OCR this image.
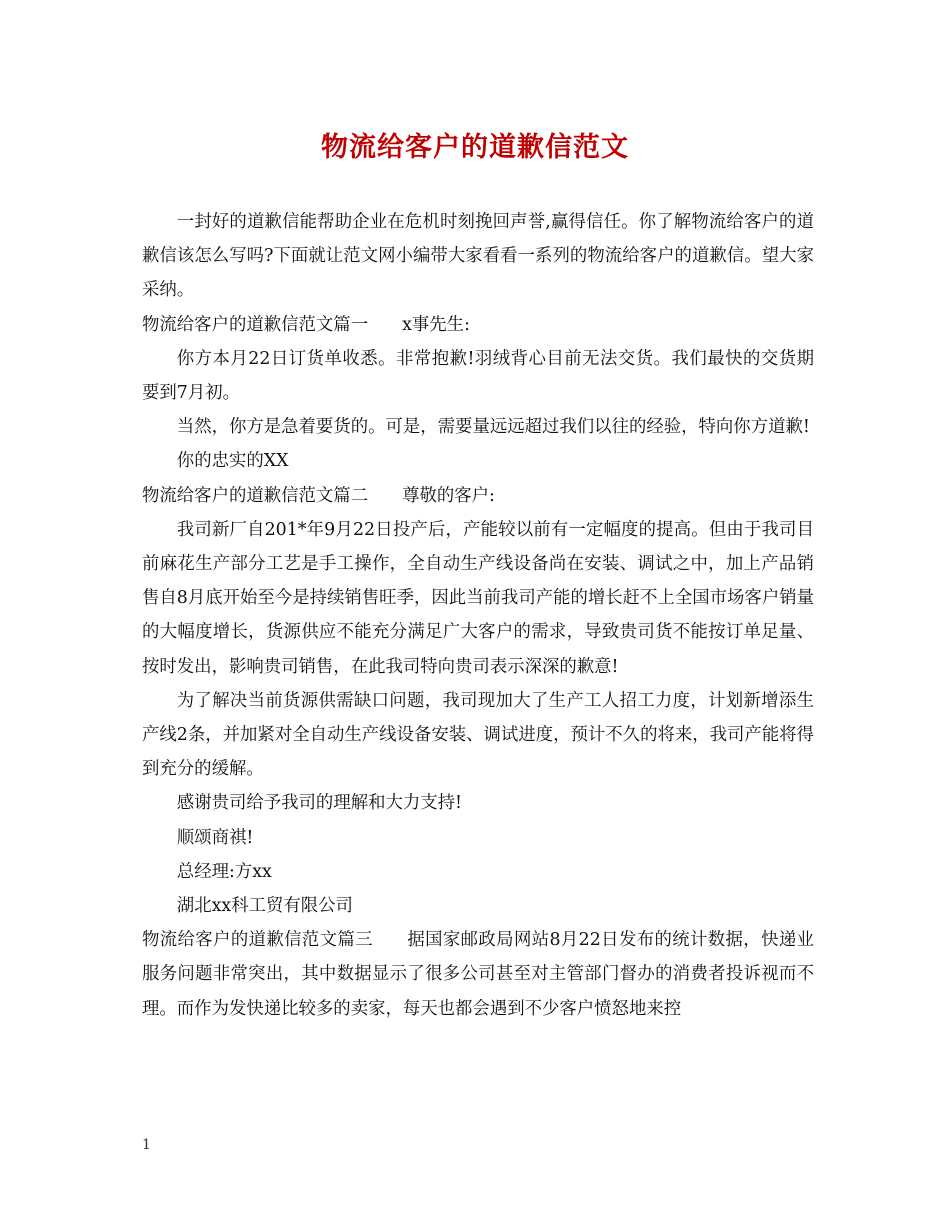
物流给客户的道歉信范文

一封好的道歉信能帮助企业在危机时刻挽回声誉,赢得信任。你了解物流给客户的道歉信该怎么写吗?下面就让范文网小编带大家看看一系列的物流给客户的道歉信。望大家采纳。

物流给客户的道歉信范文篇一 x事先生:

你方本月22日订货单收悉。非常抱歉!羽绒背心目前无法交货。我们最快的交货期要到7月初。

当然，你方是急着要货的。可是，需要量远远超过我们以往的经验，特向你方道歉!

你的忠实的XX

物流给客户的道歉信范文篇二 尊敬的客户:

我司新厂自201*年9月22日投产后，产能较以前有一定幅度的提高。但由于我司目前麻花生产部分工艺是手工操作，全自动生产线设备尚在安装、调试之中，加上产品销售自8月底开始至今是持续销售旺季，因此当前我司产能的增长赶不上全国市场客户销量的大幅度增长，货源供应不能充分满足广大客户的需求，导致贵司货不能按订单足量、按时发出，影响贵司销售，在此我司特向贵司表示深深的歉意!

为了解决当前货源供需缺口问题，我司现加大了生产工人招工力度，计划新增添生产线2条，并加紧对全自动生产线设备安装、调试进度，预计不久的将来，我司产能将得到充分的缓解。

感谢贵司给予我司的理解和大力支持!

顺颂商祺!

总经理:方xx

湖北xx科工贸有限公司

物流给客户的道歉信范文篇三 据国家邮政局网站8月22日发布的统计数据，快递业服务问题非常突出，其中数据显示了很多公司甚至对主管部门督办的消费者投诉视而不理。而作为发快递比较多的卖家，每天也都会遇到不少客户愤怒地来控

1
